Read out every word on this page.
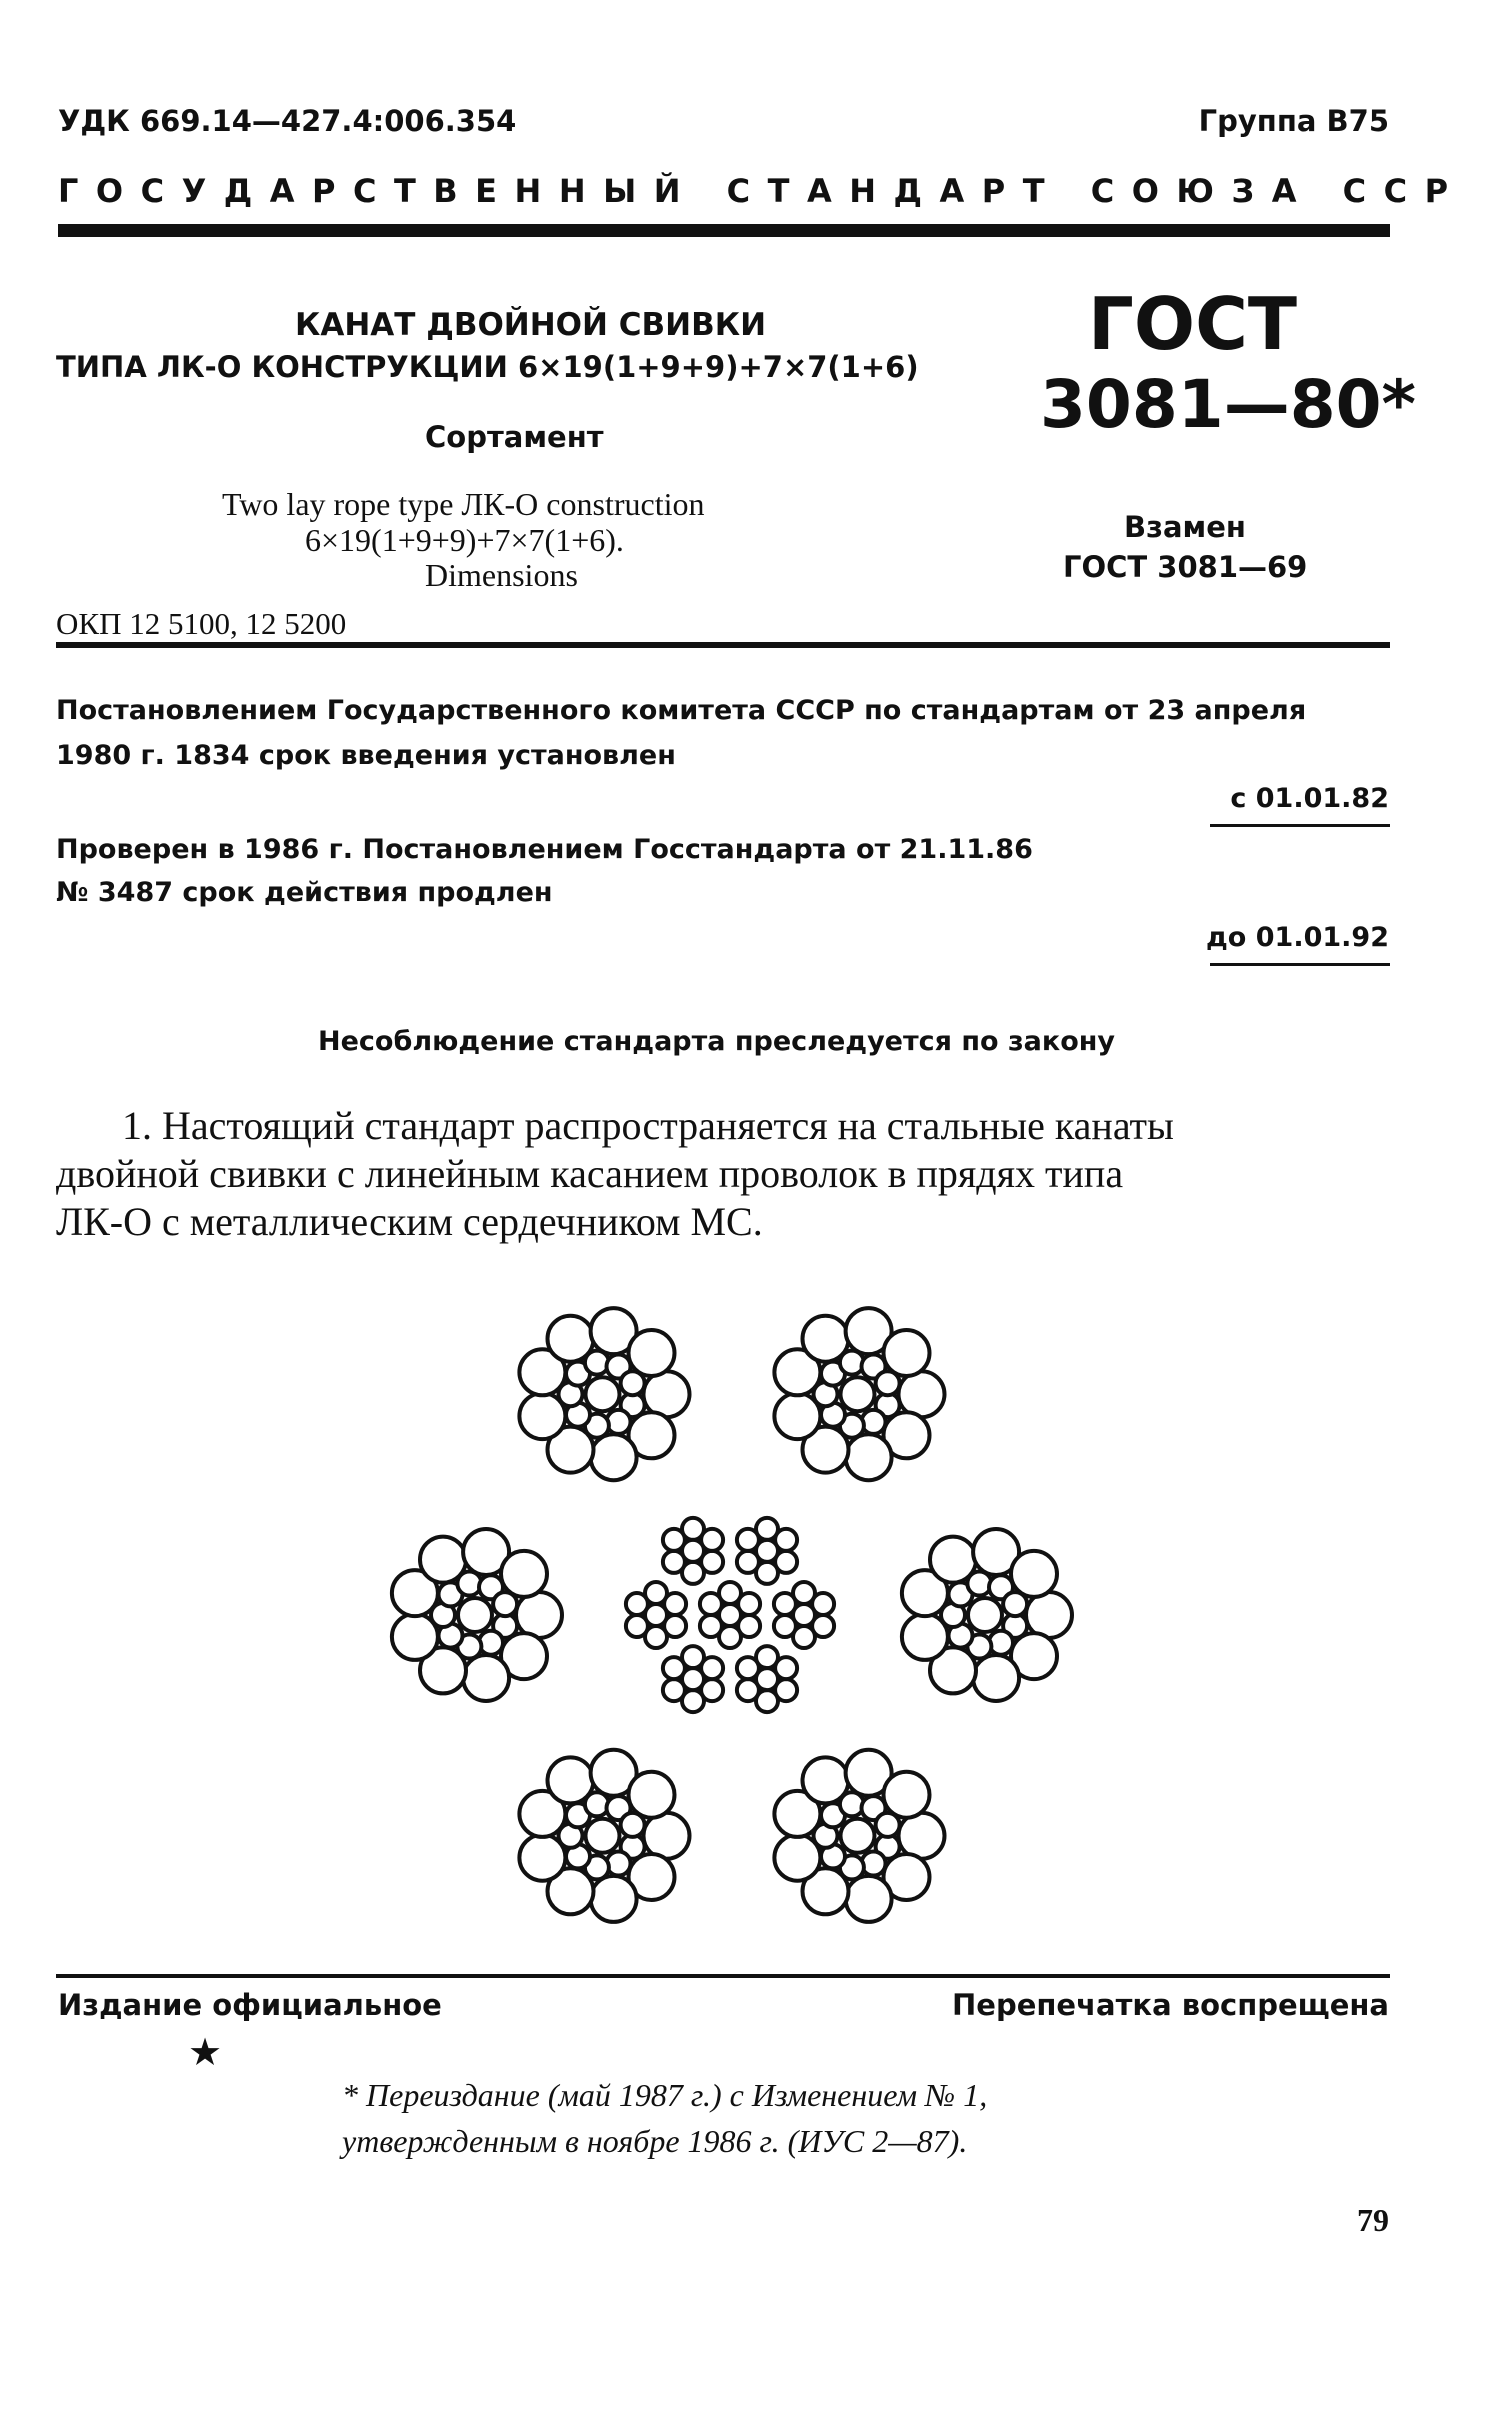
УДК 669.14—427.4:006.354	Группа В75
ГОСУДАРСТВЕННЫЙ СТАНДАРТ СОЮЗА ССР
КАНАТ ДВОЙНОЙ СВИВКИ
ТИПА ЛК-О КОНСТРУКЦИИ 6×19(1+9+9)+7×7(1+6)
Сортамент
Two lay rope type ЛК-О construction
6×19(1+9+9)+7×7(1+6).
Dimensions
ГОСТ
3081—80*
Взамен
ГОСТ 3081—69
ОКП 12 5100, 12 5200
Постановлением Государственного комитета СССР по стандартам от 23 апреля
1980 г. 1834 срок введения установлен
с 01.01.82
Проверен в 1986 г. Постановлением Госстандарта от 21.11.86
№ 3487 срок действия продлен
до 01.01.92
Несоблюдение стандарта преследуется по закону
1. Настоящий стандарт распространяется на стальные канаты
двойной свивки с линейным касанием проволок в прядях типа
ЛК-О с металлическим сердечником МС.
Издание официальное	Перепечатка воспрещена
★
* Переиздание (май 1987 г.) с Изменением № 1,
утвержденным в ноябре 1986 г. (ИУС 2—87).
79
